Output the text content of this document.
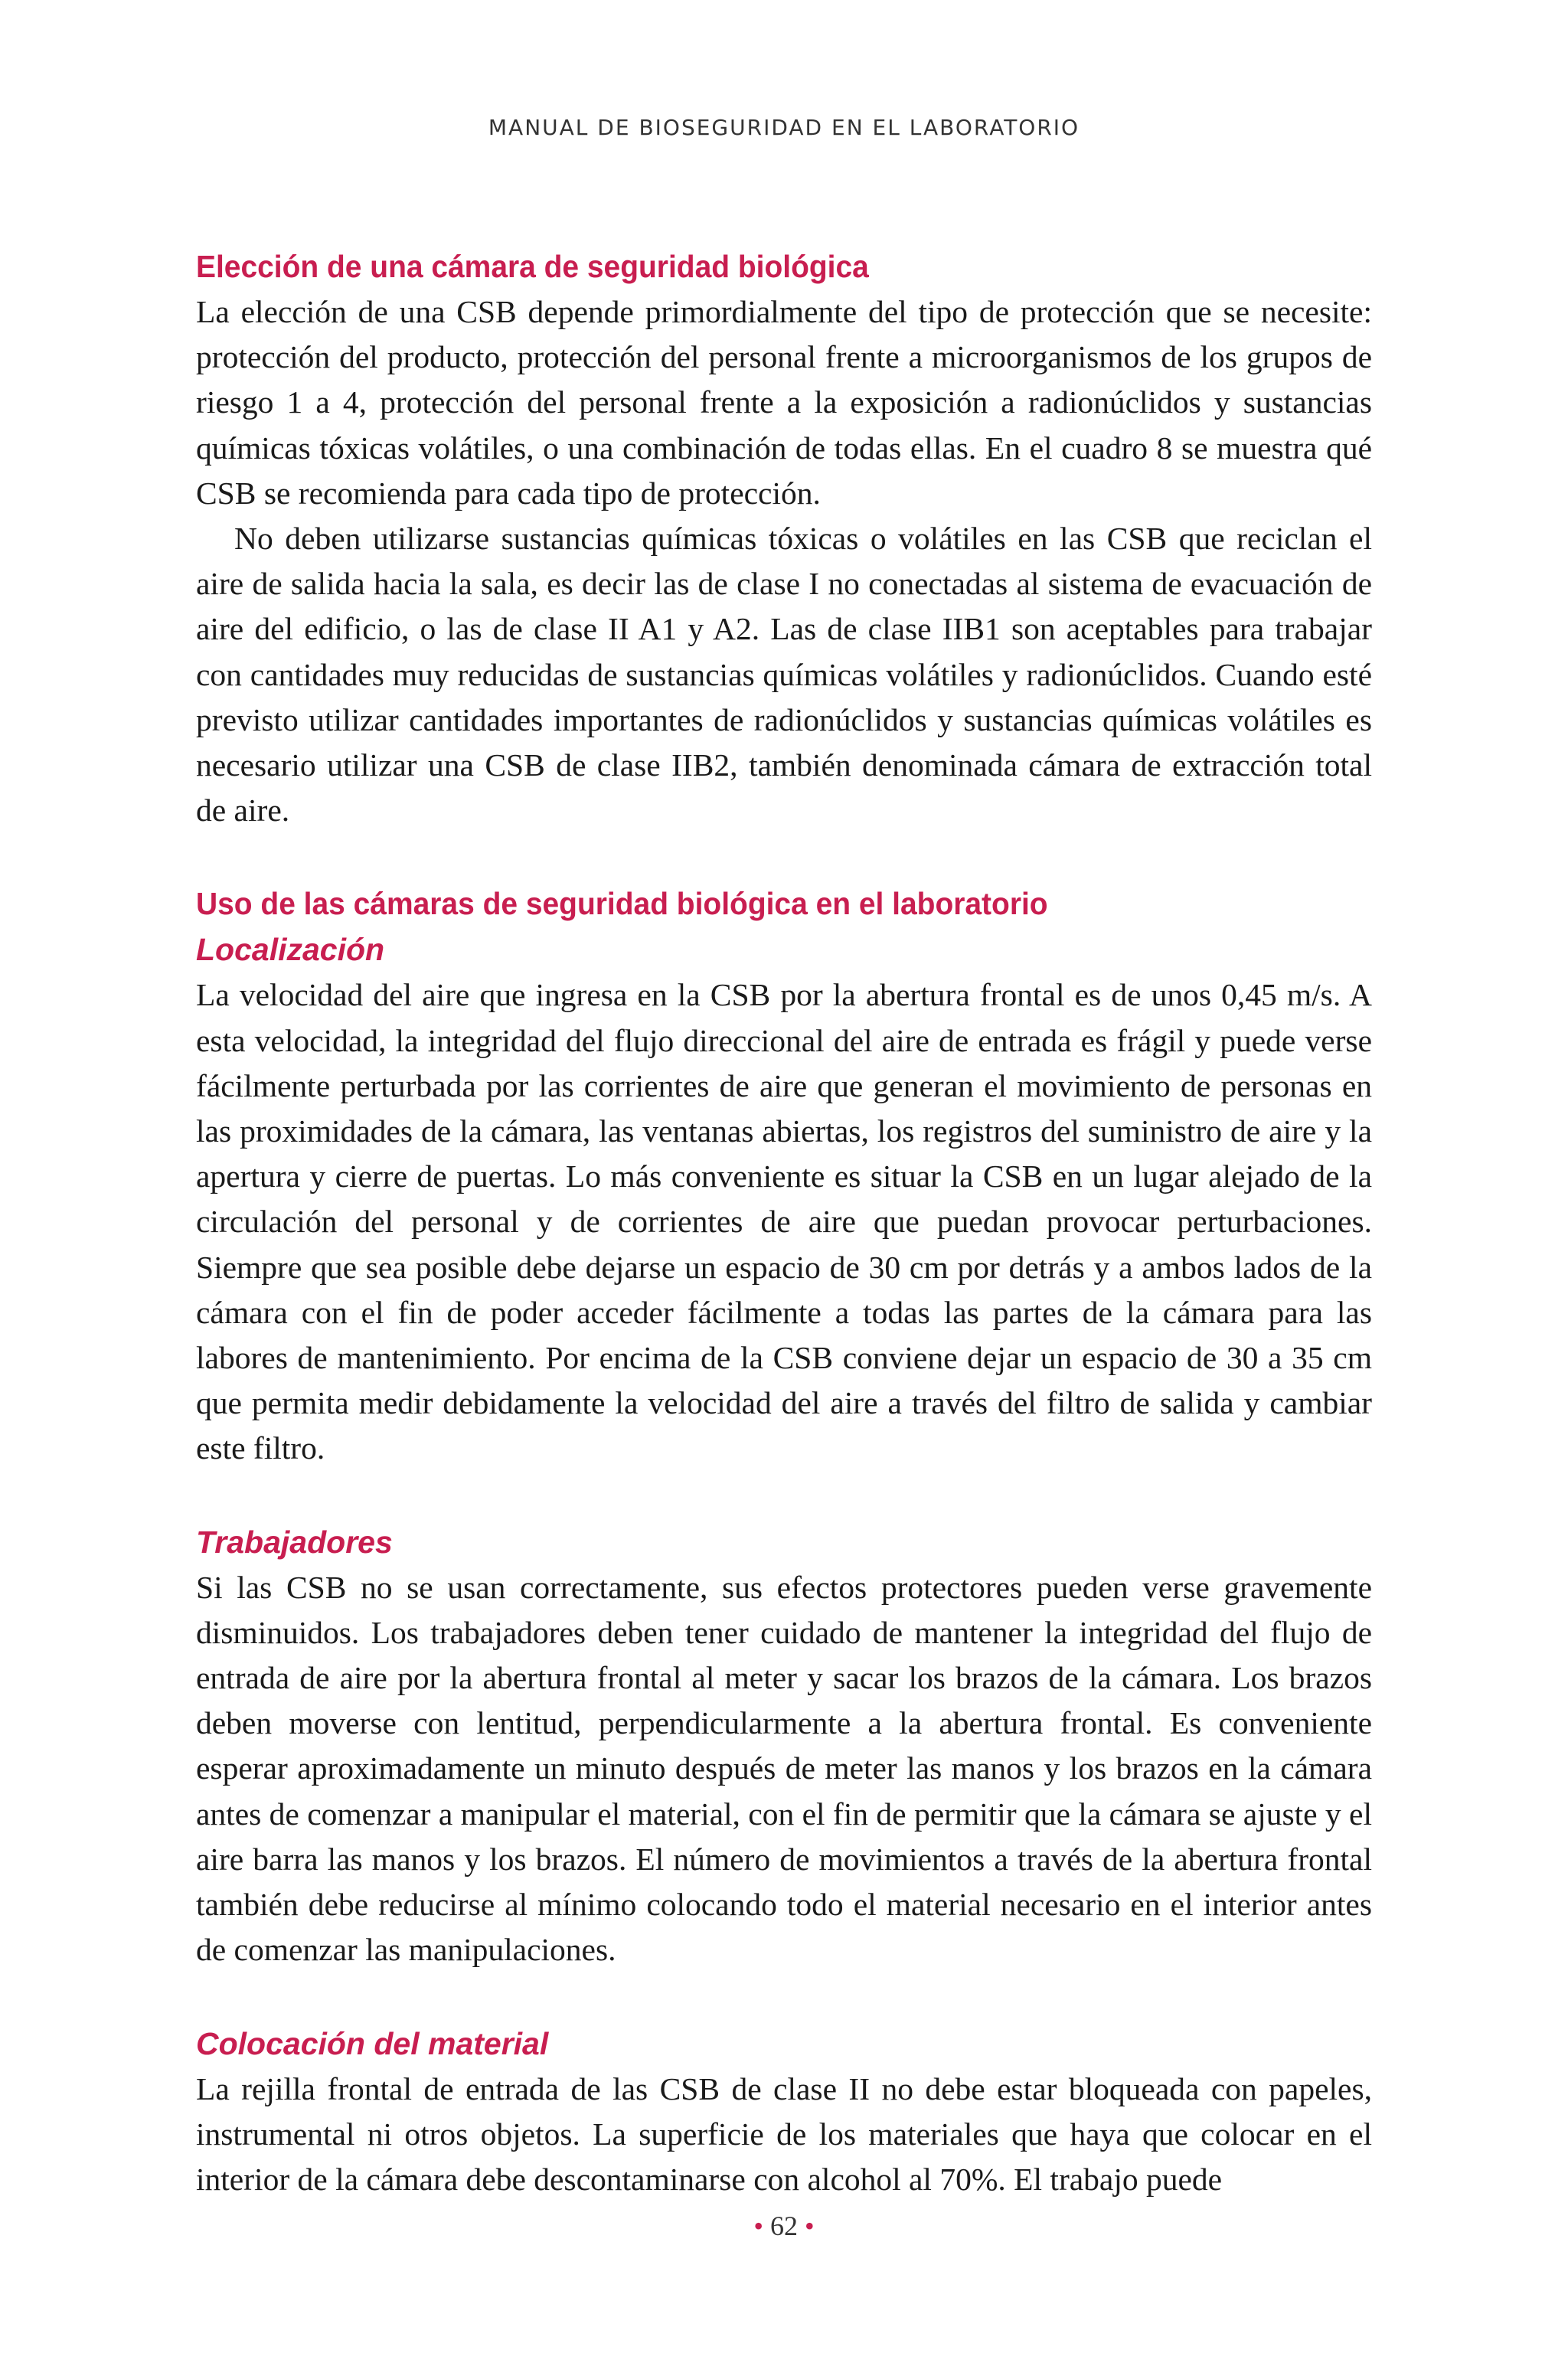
MANUAL DE BIOSEGURIDAD EN EL LABORATORIO
Elección de una cámara de seguridad biológica

La elección de una CSB depende primordialmente del tipo de protección que se necesite: protección del producto, protección del personal frente a microorganismos de los grupos de riesgo 1 a 4, protección del personal frente a la exposición a radionúclidos y sustancias químicas tóxicas volátiles, o una combinación de todas ellas. En el cuadro 8 se muestra qué CSB se recomienda para cada tipo de protección.

No deben utilizarse sustancias químicas tóxicas o volátiles en las CSB que reciclan el aire de salida hacia la sala, es decir las de clase I no conectadas al sistema de evacuación de aire del edificio, o las de clase II A1 y A2. Las de clase IIB1 son aceptables para trabajar con cantidades muy reducidas de sustancias químicas volátiles y radionúclidos. Cuando esté previsto utilizar cantidades importantes de radionúclidos y sustancias químicas volátiles es necesario utilizar una CSB de clase IIB2, también denominada cámara de extracción total de aire.

Uso de las cámaras de seguridad biológica en el laboratorio
Localización

La velocidad del aire que ingresa en la CSB por la abertura frontal es de unos 0,45 m/s. A esta velocidad, la integridad del flujo direccional del aire de entrada es frágil y puede verse fácilmente perturbada por las corrientes de aire que generan el movimiento de personas en las proximidades de la cámara, las ventanas abiertas, los registros del suministro de aire y la apertura y cierre de puertas. Lo más conveniente es situar la CSB en un lugar alejado de la circulación del personal y de corrientes de aire que puedan provocar perturbaciones. Siempre que sea posible debe dejarse un espacio de 30 cm por detrás y a ambos lados de la cámara con el fin de poder acceder fácilmente a todas las partes de la cámara para las labores de mantenimiento. Por encima de la CSB conviene dejar un espacio de 30 a 35 cm que permita medir debidamente la velocidad del aire a través del filtro de salida y cambiar este filtro.

Trabajadores

Si las CSB no se usan correctamente, sus efectos protectores pueden verse gravemente disminuidos. Los trabajadores deben tener cuidado de mantener la integridad del flujo de entrada de aire por la abertura frontal al meter y sacar los brazos de la cámara. Los brazos deben moverse con lentitud, perpendicularmente a la abertura frontal. Es conveniente esperar aproximadamente un minuto después de meter las manos y los brazos en la cámara antes de comenzar a manipular el material, con el fin de permitir que la cámara se ajuste y el aire barra las manos y los brazos. El número de movimientos a través de la abertura frontal también debe reducirse al mínimo colocando todo el material necesario en el interior antes de comenzar las manipulaciones.

Colocación del material

La rejilla frontal de entrada de las CSB de clase II no debe estar bloqueada con papeles, instrumental ni otros objetos. La superficie de los materiales que haya que colocar en el interior de la cámara debe descontaminarse con alcohol al 70%. El trabajo puede

• 62 •
